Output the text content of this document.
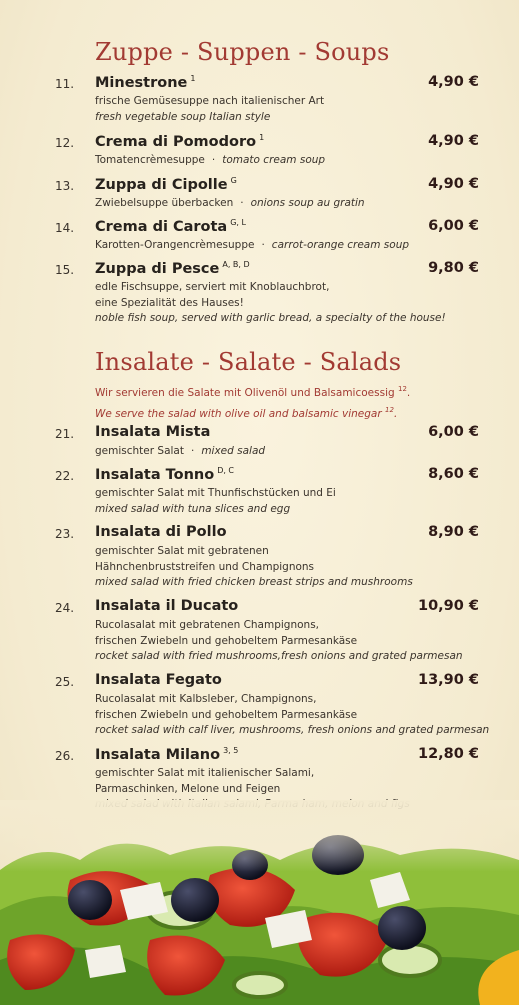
Zuppe - Suppen - Soups
11. Minestrone $^1$	4,90 €
frische Gemüsesuppe nach italienischer Art
fresh vegetable soup Italian style
12. Crema di Pomodoro $^1$	4,90 €
Tomatencrèmesuppe · tomato cream soup
13. Zuppa di Cipolle $^G$	4,90 €
Zwiebelsuppe überbacken · onions soup au gratin
14. Crema di Carota $^{G, L}$	6,00 €
Karotten-Orangencrèmesuppe · carrot-orange cream soup
15. Zuppa di Pesce $^{A, B, D}$	9,80 €
edle Fischsuppe, serviert mit Knoblauchbrot,
eine Spezialität des Hauses!
noble fish soup, served with garlic bread, a specialty of the house!
Insalate - Salate - Salads
Wir servieren die Salate mit Olivenöl und Balsamicoessig $^{12}$.
We serve the salad with olive oil and balsamic vinegar $^{12}$.
21. Insalata Mista	6,00 €
gemischter Salat · mixed salad
22. Insalata Tonno $^{D, C}$	8,60 €
gemischter Salat mit Thunfischstücken und Ei
mixed salad with tuna slices and egg
23. Insalata di Pollo	8,90 €
gemischter Salat mit gebratenen
Hähnchenbruststreifen und Champignons
mixed salad with fried chicken breast strips and mushrooms
24. Insalata il Ducato	10,90 €
Rucolasalat mit gebratenen Champignons,
frischen Zwiebeln und gehobeltem Parmesankäse
rocket salad with fried mushrooms,fresh onions and grated parmesan
25. Insalata Fegato	13,90 €
Rucolasalat mit Kalbsleber, Champignons,
frischen Zwiebeln und gehobeltem Parmesankäse
rocket salad with calf liver, mushrooms, fresh onions and grated parmesan
26. Insalata Milano $^{3, 5}$	12,80 €
gemischter Salat mit italienischer Salami,
Parmaschinken, Melone und Feigen
